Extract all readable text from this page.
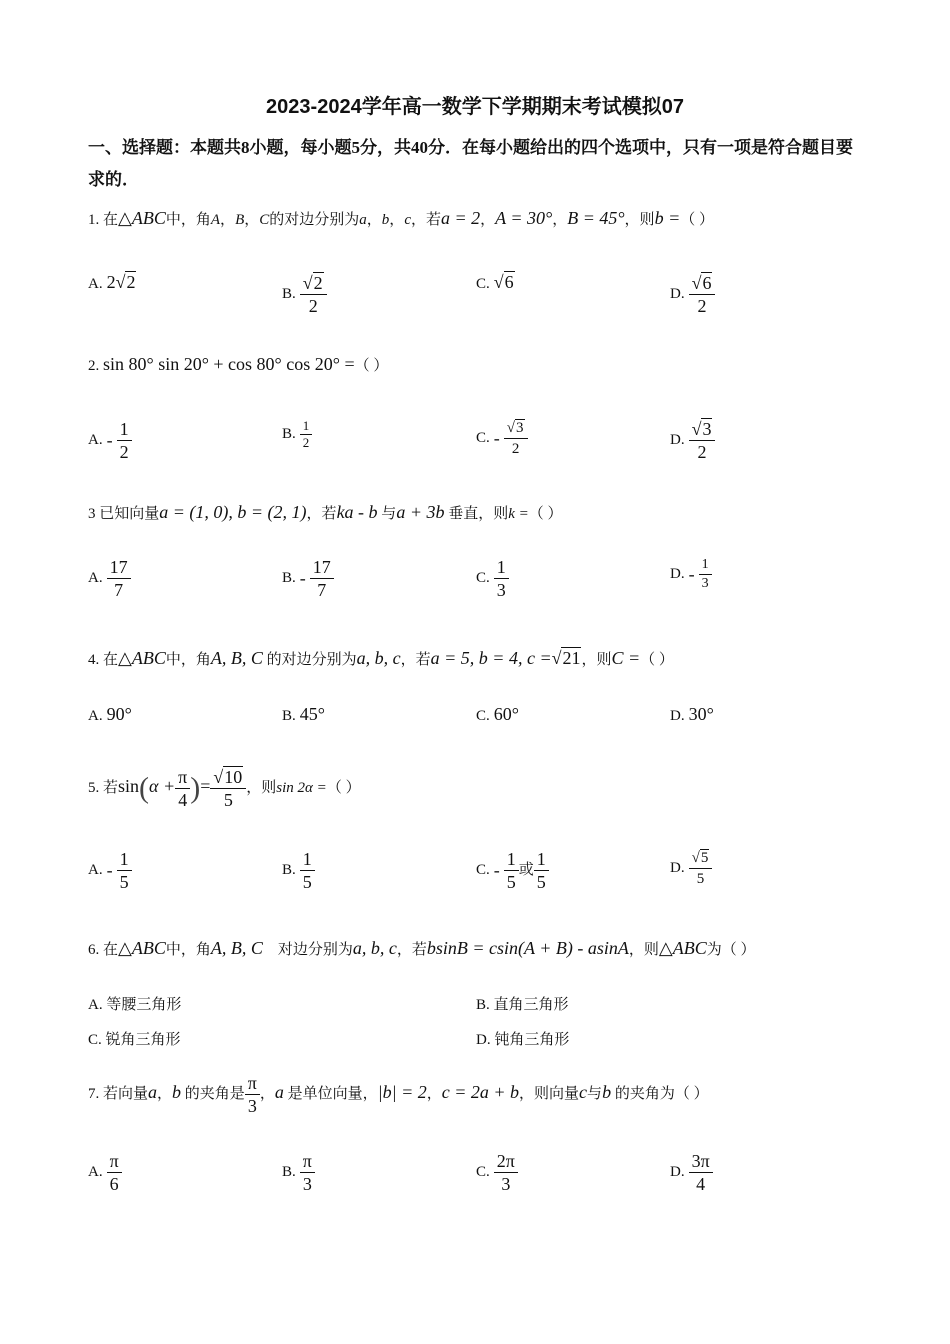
2023-2024学年高一数学下学期期末考试模拟07
一、选择题：本题共8小题，每小题5分，共40分．在每小题给出的四个选项中，只有一项是符合题目要求的．
1. 在△ABC中，角A，B，C的对边分别为a，b，c，若a = 2，A = 30°，B = 45°，则b =（ ）
A. 2√2
B. $\frac{√2}{2}$	C. √6
D. $\frac{√6}{2}$
2. sin 80° sin 20° + cos 80° cos 20° =（ ）
A. - $\frac{1}{2}$	B. $\frac{1}{2}$	C. - $\frac{√3}{2}$	D. $\frac{√3}{2}$
3 已知向量a = (1, 0), b = (2, 1)，若ka - b 与a + 3b 垂直，则k =（ ）
A. $\frac{17}{7}$	B. - $\frac{17}{7}$	C. $\frac{1}{3}$	D. - $\frac{1}{3}$
4. 在△ABC中，角A, B, C 的对边分别为a, b, c，若a = 5, b = 4, c =√21，则C =（ ）
A. 90°	B. 45°	C. 60°	D. 30°
5. 若$\sin(\alpha + \frac{\pi}{4}$ )= $\frac{√10}{5}$ ，则sin 2α =（ ）
A. - $\frac{1}{5}$	B. $\frac{1}{5}$	C. - $\frac{1}{5}$ 或 $\frac{1}{5}$	D. $\frac{√5}{5}$
6. 在△ABC中，角A, B, C 对边分别为a, b, c，若bsinB = csin(A + B) - asinA，则△ABC为（ ）
A. 等腰三角形	B. 直角三角形
C. 锐角三角形	D. 钝角三角形
7. 若向量a，b 的夹角是 $\frac{\pi}{3}$ ，a 是单位向量，|b| = 2，c = 2a + b，则向量c与b 的夹角为（ ）
A. $\frac{\pi}{6}$	B. $\frac{\pi}{3}$	C. $\frac{2\pi}{3}$	D. $\frac{3\pi}{4}$
